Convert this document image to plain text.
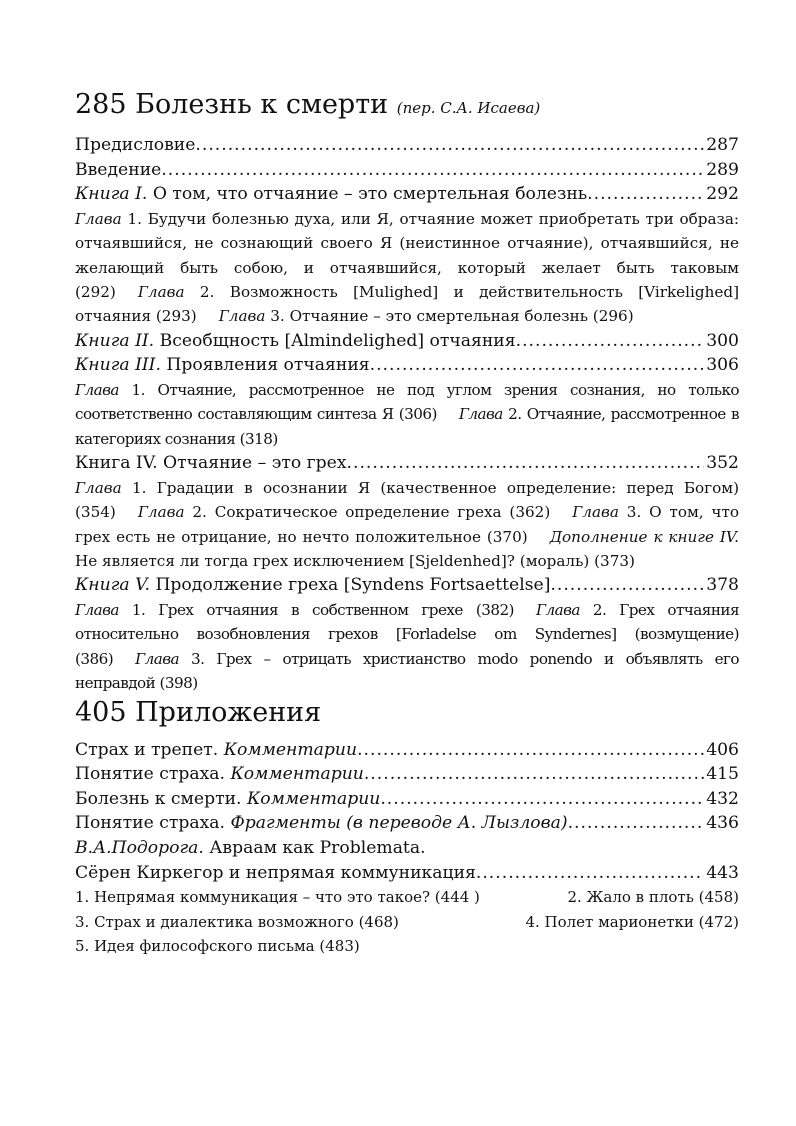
285 Болезнь к смерти (пер. С.А. Исаева)
Предисловие .....	287
Введение .....	289
Книга I. О том, что отчаяние – это смертельная болезнь .....	292
Глава 1. Будучи болезнью духа, или Я, отчаяние может приобретать три образа: отчаявшийся, не сознающий своего Я (неистинное отчаяние), отчаявшийся, не желающий быть собою, и отчаявшийся, который желает быть таковым (292) Глава 2. Возможность [Mulighed] и действительность [Virkelighed] отчаяния (293) Глава 3. Отчаяние – это смертельная болезнь (296)
Книга II. Всеобщность [Almindelighed] отчаяния .....	300
Книга III. Проявления отчаяния .....	306
Глава 1. Отчаяние, рассмотренное не под углом зрения сознания, но только соответственно составляющим синтеза Я (306) Глава 2. Отчаяние, рассмотренное в категориях сознания (318)
Книга IV. Отчаяние – это грех .....	352
Глава 1. Градации в осознании Я (качественное определение: перед Богом) (354) Глава 2. Сократическое определение греха (362) Глава 3. О том, что грех есть не отрицание, но нечто положительное (370) Дополнение к книге IV. Не является ли тогда грех исключением [Sjeldenhed]? (мораль) (373)
Книга V. Продолжение греха [Syndens Fortsaettelse] .....	378
Глава 1. Грех отчаяния в собственном грехе (382) Глава 2. Грех отчаяния относительно возобновления грехов [Forladelse om Syndernes] (возмущение) (386) Глава 3. Грех – отрицать христианство modo ponendo и объявлять его неправдой (398)
405 Приложения
Страх и трепет. Комментарии .....	406
Понятие страха. Комментарии .....	415
Болезнь к смерти. Комментарии .....	432
Понятие страха. Фрагменты (в переводе А. Лызлова) .....	436
В.А.Подорога. Авраам как Problemata.
Сёрен Киркегор и непрямая коммуникация .....	443
1. Непрямая коммуникация – что это такое? (444 )	2. Жало в плоть (458)
3. Страх и диалектика возможного (468)	4. Полет марионетки (472)
5. Идея философского письма (483)
